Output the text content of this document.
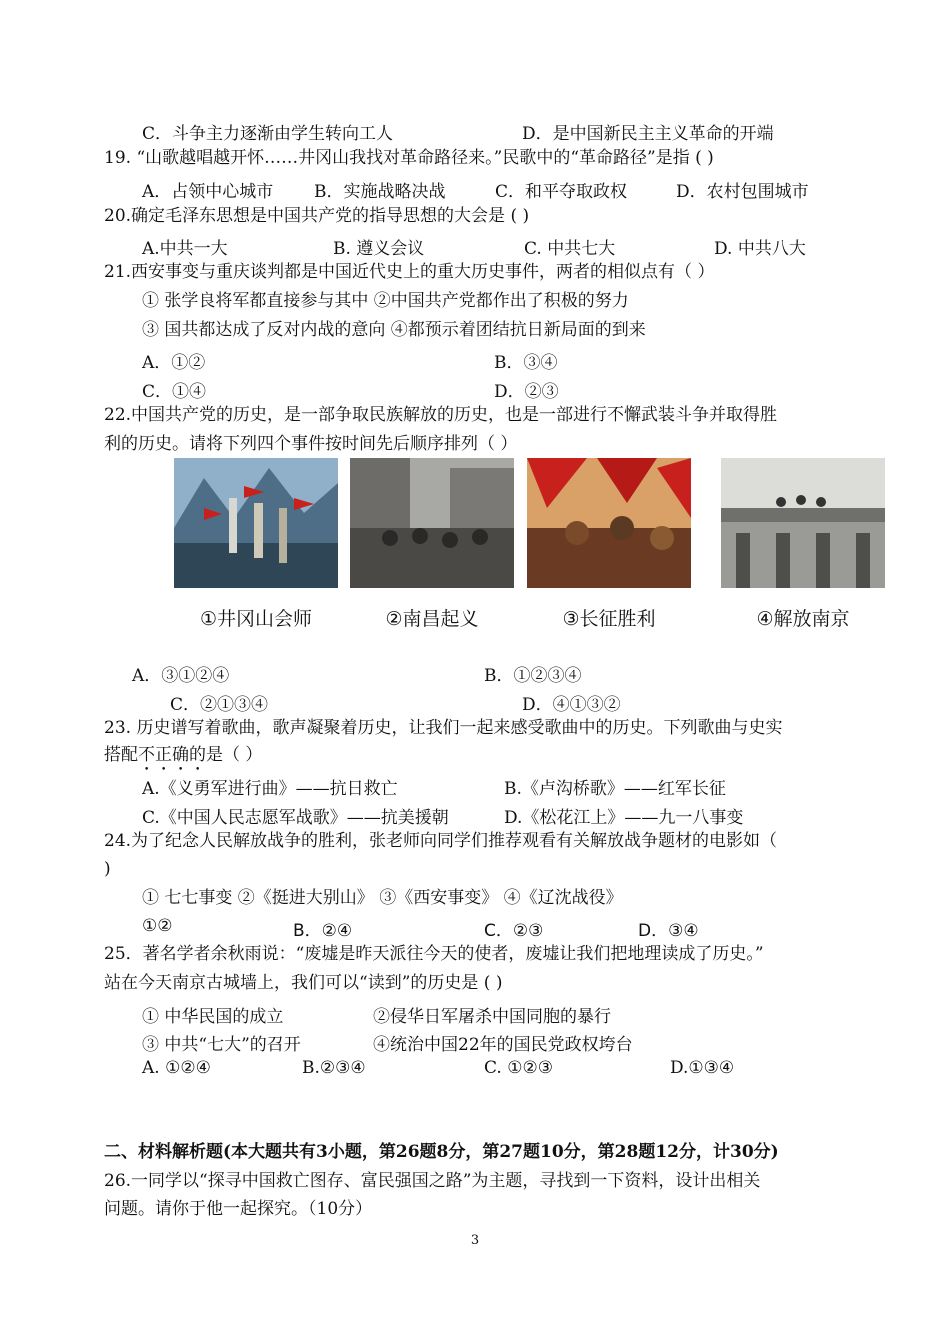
C．斗争主力逐渐由学生转向工人	D．是中国新民主主义革命的开端
19. “山歌越唱越开怀……井冈山我找对革命路径来。”民歌中的“革命路径”是指 ( )
A．占领中心城市 B．实施战略决战	C．和平夺取政权	D．农村包围城市
20.确定毛泽东思想是中国共产党的指导思想的大会是 ( )
A.中共一大	B. 遵义会议	C. 中共七大	D. 中共八大
21.西安事变与重庆谈判都是中国近代史上的重大历史事件，两者的相似点有（ ）
① 张学良将军都直接参与其中 ②中国共产党都作出了积极的努力
③ 国共都达成了反对内战的意向 ④都预示着团结抗日新局面的到来
A．①②	B．③④
C．①④	D．②③
22.中国共产党的历史，是一部争取民族解放的历史，也是一部进行不懈武装斗争并取得胜
利的历史。请将下列四个事件按时间先后顺序排列（ ）
①井冈山会师	②南昌起义	③长征胜利	④解放南京
A．③①②④	B．①②③④
C．②①③④	D．④①③②
23. 历史谱写着歌曲，歌声凝聚着历史，让我们一起来感受歌曲中的历史。下列歌曲与史实
搭配不正确的是（ ）
A.《义勇军进行曲》——抗日救亡	B.《卢沟桥歌》——红军长征
C.《中国人民志愿军战歌》——抗美援朝	D.《松花江上》——九一八事变
24.为了纪念人民解放战争的胜利，张老师向同学们推荐观看有关解放战争题材的电影如（
)
① 七七事变 ②《挺进大别山》 ③《西安事变》 ④《辽沈战役》
①②	B．②④	C．②③	D．③④
25．著名学者余秋雨说：“废墟是昨天派往今天的使者，废墟让我们把地理读成了历史。”
站在今天南京古城墙上，我们可以“读到”的历史是 ( )
① 中华民国的成立	②侵华日军屠杀中国同胞的暴行
③ 中共“七大”的召开	④统治中国22年的国民党政权垮台
A. ①②④	B.②③④	C. ①②③	D.①③④
二、材料解析题(本大题共有3小题，第26题8分，第27题10分，第28题12分，计30分)
26.一同学以“探寻中国救亡图存、富民强国之路”为主题，寻找到一下资料，设计出相关
问题。请你于他一起探究。（10分）
3
